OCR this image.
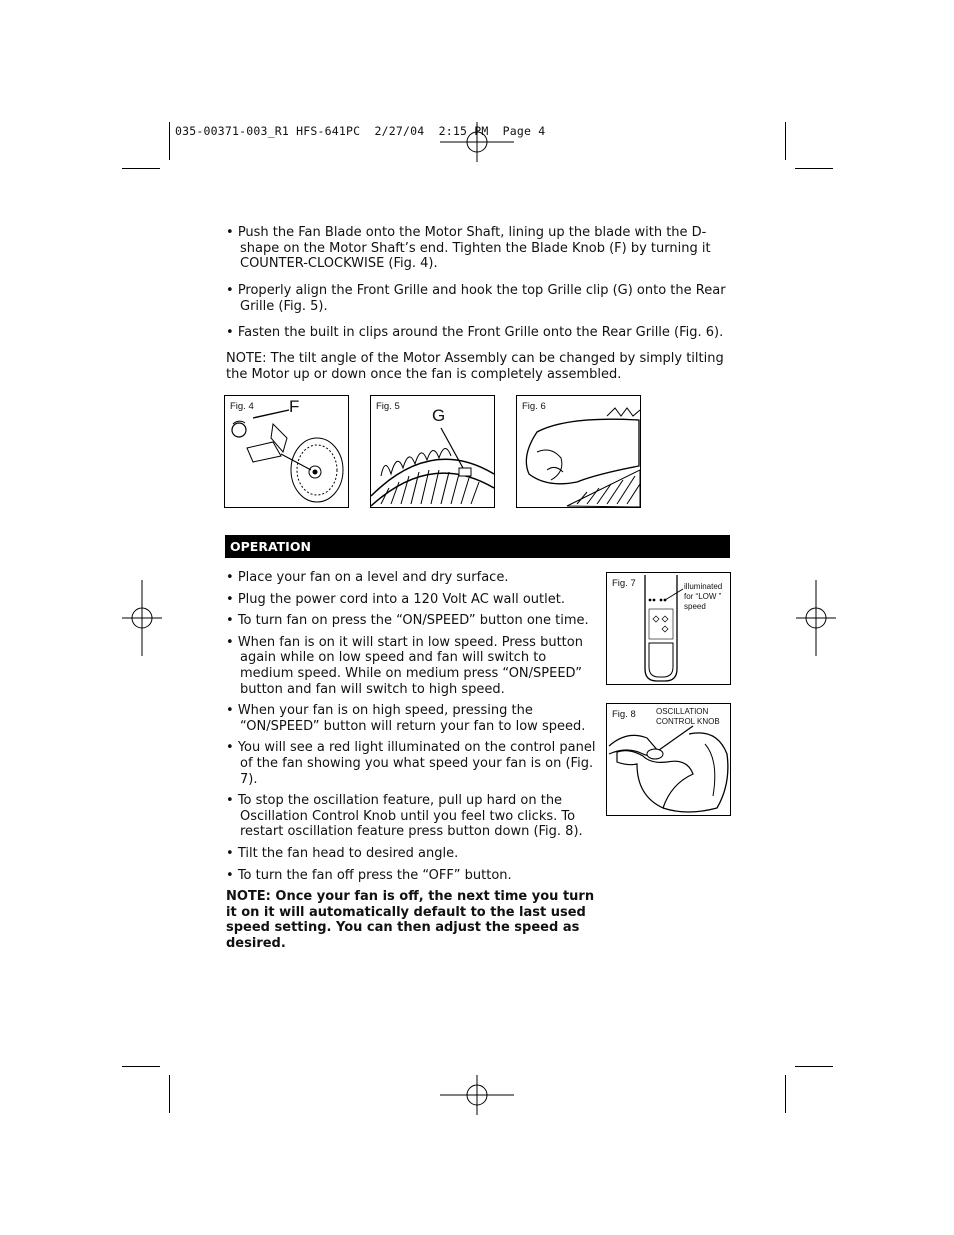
035-00371-003_R1 HFS-641PC  2/27/04  2:15 PM  Page 4
• Push the Fan Blade onto the Motor Shaft, lining up the blade with the D-shape on the Motor Shaft’s end. Tighten the Blade Knob (F) by turning it COUNTER-CLOCKWISE (Fig. 4).
• Properly align the Front Grille and hook the top Grille clip (G) onto the Rear Grille (Fig. 5).
• Fasten the built in clips around the Front Grille onto the Rear Grille (Fig. 6).
NOTE: The tilt angle of the Motor Assembly can be changed by simply tilting the Motor up or down once the fan is completely assembled.
Fig. 4 F	Fig. 5 G	Fig. 6
OPERATION
• Place your fan on a level and dry surface.
• Plug the power cord into a 120 Volt AC wall outlet.
• To turn fan on press the “ON/SPEED” button one time.
• When fan is on it will start in low speed. Press button again while on low speed and fan will switch to medium speed. While on medium press “ON/SPEED” button and fan will switch to high speed.
• When your fan is on high speed, pressing the “ON/SPEED” button will return your fan to low speed.
• You will see a red light illuminated on the control panel of the fan showing you what speed your fan is on (Fig. 7).
• To stop the oscillation feature, pull up hard on the Oscillation Control Knob until you feel two clicks. To restart oscillation feature press button down (Fig. 8).
• Tilt the fan head to desired angle.
• To turn the fan off press the “OFF” button.
NOTE: Once your fan is off, the next time you turn it on it will automatically default to the last used speed setting. You can then adjust the speed as desired.
Fig. 7	illuminated
for “LOW ”
speed
Fig. 8	OSCILLATION
CONTROL KNOB
